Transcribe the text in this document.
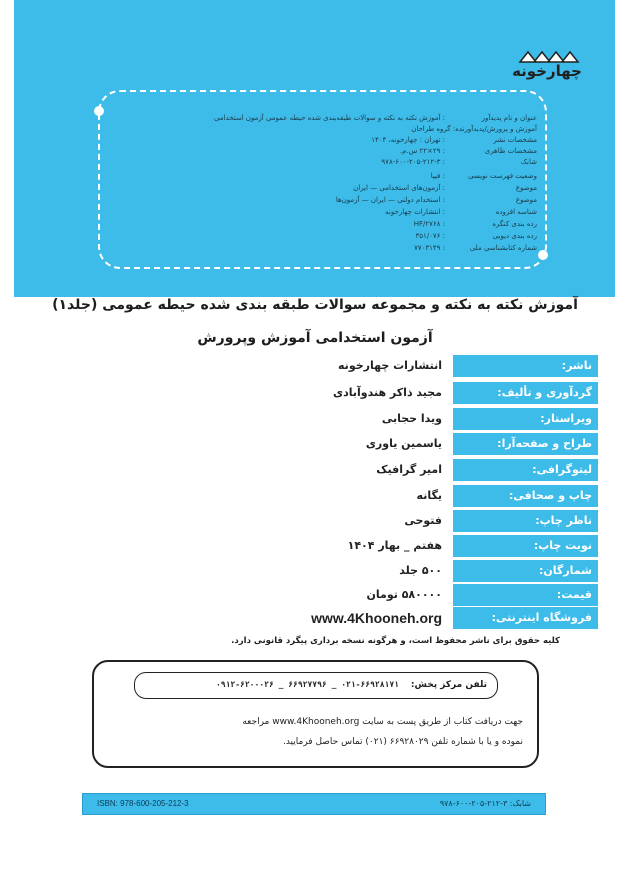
چهارخونه
عنوان و نام پدیدآور
: آموزش نکته به نکته و سوالات طبقه‌بندی شده حیطه عمومی آزمون استخدامی
آموزش و پرورش/پدیدآورنده: گروه طراحان
مشخصات نشر
: تهران : چهارخونه، ۱۴۰۴
مشخصات ظاهری
: ۲۹×۲۲ س.م.
شابک
: ۹۷۸-۶۰۰-۲۰۵-۲۱۲-۳
وضعیت فهرست نویسی
: فیپا
موضوع
: آزمون‌های استخدامی — ایران
موضوع
: استخدام دولتی — ایران — آزمون‌ها
شناسه افزوده
: انتشارات چهارخونه
رده بندی کنگره
: ۲۷۶۸/HF
رده بندی دیویی
: ۳۵۱/۰۷۶
شماره کتابشناسی ملی
: ۷۷۰۳۱۴۹
آموزش نکته به نکته و مجموعه سوالات طبقه بندی شده حیطه عمومی (جلد۱)
آزمون استخدامی آموزش وپرورش
ناشر:
انتشارات چهارخونه
گردآوری و تألیف:
مجید ذاکر هندوآبادی
ویراستار:
ویدا حجابی
طراح و صفحه‌آرا:
یاسمین یاوری
لیتوگرافی:
امیر گرافیک
چاپ و صحافی:
یگانه
ناظر چاپ:
فتوحی
نوبت چاپ:
هفتم _ بهار ۱۴۰۴
شمارگان:
۵۰۰ جلد
قیمت:
۵۸۰۰۰۰ تومان
فروشگاه اینترنتی:
www.4Khooneh.org
کلیه حقوق برای ناشر محفوظ است، و هرگونه نسخه برداری پیگرد قانونی دارد.
تلفن مرکز پخش:
۰۲۱-۶۶۹۲۸۱۷۱ _ ۶۶۹۲۷۷۹۶ _ ۰۹۱۲-۶۲۰۰۰۲۶
جهت دریافت کتاب از طریق پست به سایت www.4Khooneh.org مراجعه
نموده و یا با شماره تلفن ۶۶۹۲۸۰۲۹ (۰۲۱) تماس حاصل فرمایید.
ISBN: 978-600-205-212-3	شابک: ۳-۲۱۲-۲۰۵-۶۰۰-۹۷۸
